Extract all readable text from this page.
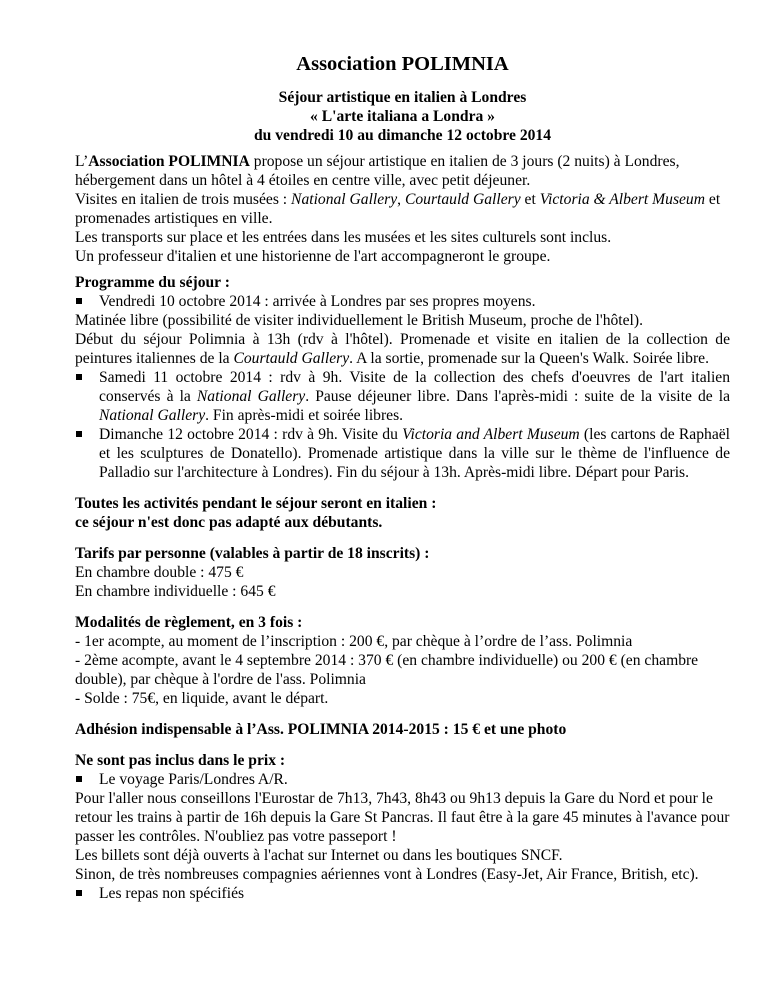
Association POLIMNIA

Séjour artistique en italien à Londres

« L'arte italiana a Londra »

du vendredi 10 au dimanche 12 octobre 2014

L’Association POLIMNIA propose un séjour artistique en italien de 3 jours (2 nuits) à Londres, hébergement dans un hôtel à 4 étoiles en centre ville, avec petit déjeuner.

Visites en italien de trois musées : National Gallery, Courtauld Gallery et Victoria & Albert Museum et promenades artistiques en ville.

Les transports sur place et les entrées dans les musées et les sites culturels sont inclus.

Un professeur d'italien et une historienne de l'art accompagneront le groupe.

Programme du séjour :

Vendredi 10 octobre 2014 : arrivée à Londres par ses propres moyens.

Matinée libre (possibilité de visiter individuellement le British Museum, proche de l'hôtel).

Début du séjour Polimnia à 13h (rdv à l'hôtel). Promenade et visite en italien de la collection de peintures italiennes de la Courtauld Gallery. A la sortie, promenade sur la Queen's Walk. Soirée libre.

Samedi 11 octobre 2014 : rdv à 9h. Visite de la collection des chefs d'oeuvres de l'art italien conservés à la National Gallery. Pause déjeuner libre. Dans l'après-midi : suite de la visite de la National Gallery. Fin après-midi et soirée libres.
Dimanche 12 octobre 2014 : rdv à 9h. Visite du Victoria and Albert Museum (les cartons de Raphaël et les sculptures de Donatello). Promenade artistique dans la ville sur le thème de l'influence de Palladio sur l'architecture à Londres). Fin du séjour à 13h. Après-midi libre. Départ pour Paris.

Toutes les activités pendant le séjour seront en italien :

ce séjour n'est donc pas adapté aux débutants.

Tarifs par personne (valables à partir de 18 inscrits) :

En chambre double : 475 €

En chambre individuelle : 645 €

Modalités de règlement, en 3 fois :

- 1er acompte, au moment de l’inscription : 200 €, par chèque à l’ordre de l’ass. Polimnia

- 2ème acompte, avant le 4 septembre 2014 : 370 € (en chambre individuelle) ou 200 € (en chambre double), par chèque à l'ordre de l'ass. Polimnia

- Solde : 75€, en liquide, avant le départ.

Adhésion indispensable à l’Ass. POLIMNIA 2014-2015 : 15 € et une photo

Ne sont pas inclus dans le prix :

Le voyage Paris/Londres A/R.

Pour l'aller nous conseillons l'Eurostar de 7h13, 7h43, 8h43 ou 9h13 depuis la Gare du Nord et pour le retour les trains à partir de 16h depuis la Gare St Pancras. Il faut être à la gare 45 minutes à l'avance pour passer les contrôles. N'oubliez pas votre passeport !

Les billets sont déjà ouverts à l'achat sur Internet ou dans les boutiques SNCF.

Sinon, de très nombreuses compagnies aériennes vont à Londres (Easy-Jet, Air France, British, etc).

Les repas non spécifiés
